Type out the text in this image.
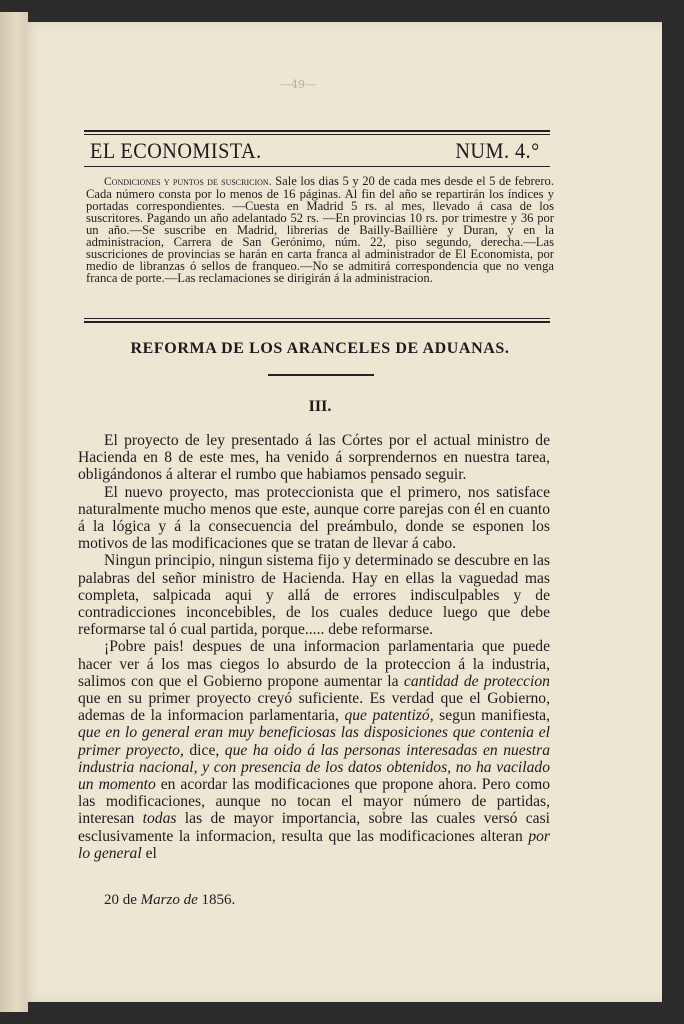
—49—
EL ECONOMISTA.	NUM. 4.°
Condiciones y puntos de suscricion. Sale los dias 5 y 20 de cada mes desde el 5 de febrero. Cada número consta por lo menos de 16 páginas. Al fin del año se repartirán los índices y portadas correspondientes. —Cuesta en Madrid 5 rs. al mes, llevado á casa de los suscritores. Pagando un año adelantado 52 rs. —En provincias 10 rs. por trimestre y 36 por un año.—Se suscribe en Madrid, librerias de Bailly-Baillière y Duran, y en la administracion, Carrera de San Gerónimo, núm. 22, piso segundo, derecha.—Las suscriciones de provincias se harán en carta franca al administrador de El Economista, por medio de libranzas ó sellos de franqueo.—No se admitirá correspondencia que no venga franca de porte.—Las reclamaciones se dirigirán á la administracion.
REFORMA DE LOS ARANCELES DE ADUANAS.
III.

El proyecto de ley presentado á las Córtes por el actual ministro de Hacienda en 8 de este mes, ha venido á sorprendernos en nuestra tarea, obligándonos á alterar el rumbo que habiamos pensado seguir.

El nuevo proyecto, mas proteccionista que el primero, nos satisface naturalmente mucho menos que este, aunque corre parejas con él en cuanto á la lógica y á la consecuencia del preámbulo, donde se esponen los motivos de las modificaciones que se tratan de llevar á cabo.

Ningun principio, ningun sistema fijo y determinado se descubre en las palabras del señor ministro de Hacienda. Hay en ellas la vaguedad mas completa, salpicada aqui y allá de errores indisculpables y de contradicciones inconcebibles, de los cuales deduce luego que debe reformarse tal ó cual partida, porque..... debe reformarse.

¡Pobre pais! despues de una informacion parlamentaria que puede hacer ver á los mas ciegos lo absurdo de la proteccion á la industria, salimos con que el Gobierno propone aumentar la cantidad de proteccion que en su primer proyecto creyó suficiente. Es verdad que el Gobierno, ademas de la informacion parlamentaria, que patentizó, segun manifiesta, que en lo general eran muy beneficiosas las disposiciones que contenia el primer proyecto, dice, que ha oido á las personas interesadas en nuestra industria nacional, y con presencia de los datos obtenidos, no ha vacilado un momento en acordar las modificaciones que propone ahora. Pero como las modificaciones, aunque no tocan el mayor número de partidas, interesan todas las de mayor importancia, sobre las cuales versó casi esclusivamente la informacion, resulta que las modificaciones alteran por lo general el

20 de Marzo de 1856.
